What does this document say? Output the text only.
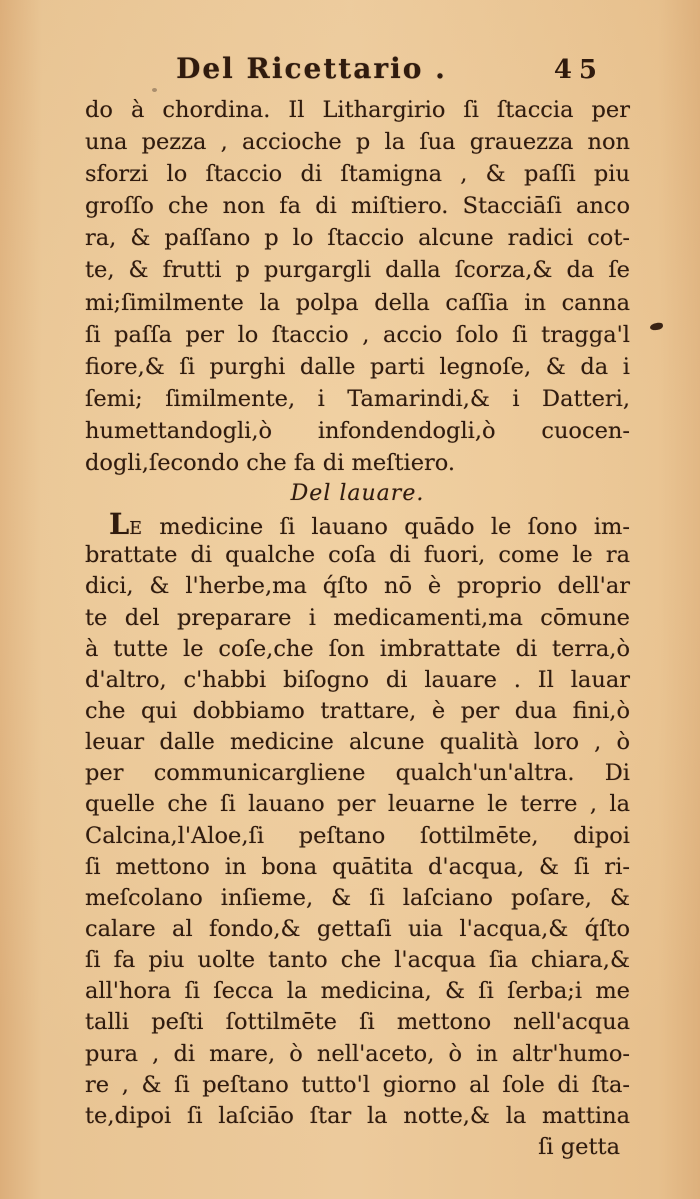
Del Ricettario .	45
do à chordina. Il Lithargirio ſi ſtaccia per
una pezza , accioche p la ſua grauezza non
sforzi lo ſtaccio di ſtamigna , & paſſi piu
groſſo che non fa di miſtiero. Stacciāſi anco
ra, & paſſano p lo ſtaccio alcune radici cot-
te, & frutti p purgargli dalla ſcorza,& da ſe
mi;ſimilmente la polpa della caſſia in canna
ſi paſſa per lo ſtaccio , accio ſolo ſi tragga'l
fiore,& ſi purghi dalle parti legnoſe, & da i
ſemi; ſimilmente, i Tamarindi,& i Datteri,
humettandogli,ò infondendogli,ò cuocen-
dogli,ſecondo che fa di meſtiero.
Del lauare.
LE medicine ſi lauano quādo le ſono im-
brattate di qualche coſa di fuori, come le ra
dici, & l'herbe,ma q́ſto nō è proprio dell'ar
te del preparare i medicamenti,ma cōmune
à tutte le coſe,che ſon imbrattate di terra,ò
d'altro, c'habbi biſogno di lauare . Il lauar
che qui dobbiamo trattare, è per dua fini,ò
leuar dalle medicine alcune qualità loro , ò
per communicargliene qualch'un'altra. Di
quelle che ſi lauano per leuarne le terre , la
Calcina,l'Aloe,ſi peſtano ſottilmēte, dipoi
ſi mettono in bona quātita d'acqua, & ſi ri-
meſcolano inſieme, & ſi laſciano poſare, &
calare al fondo,& gettaſi uia l'acqua,& q́ſto
ſi fa piu uolte tanto che l'acqua ſia chiara,&
all'hora ſi ſecca la medicina, & ſi ſerba;i me
talli peſti ſottilmēte ſi mettono nell'acqua
pura , di mare, ò nell'aceto, ò in altr'humo-
re , & ſi peſtano tutto'l giorno al ſole di ſta-
te,dipoi ſi laſciāo ſtar la notte,& la mattina
ſi getta
